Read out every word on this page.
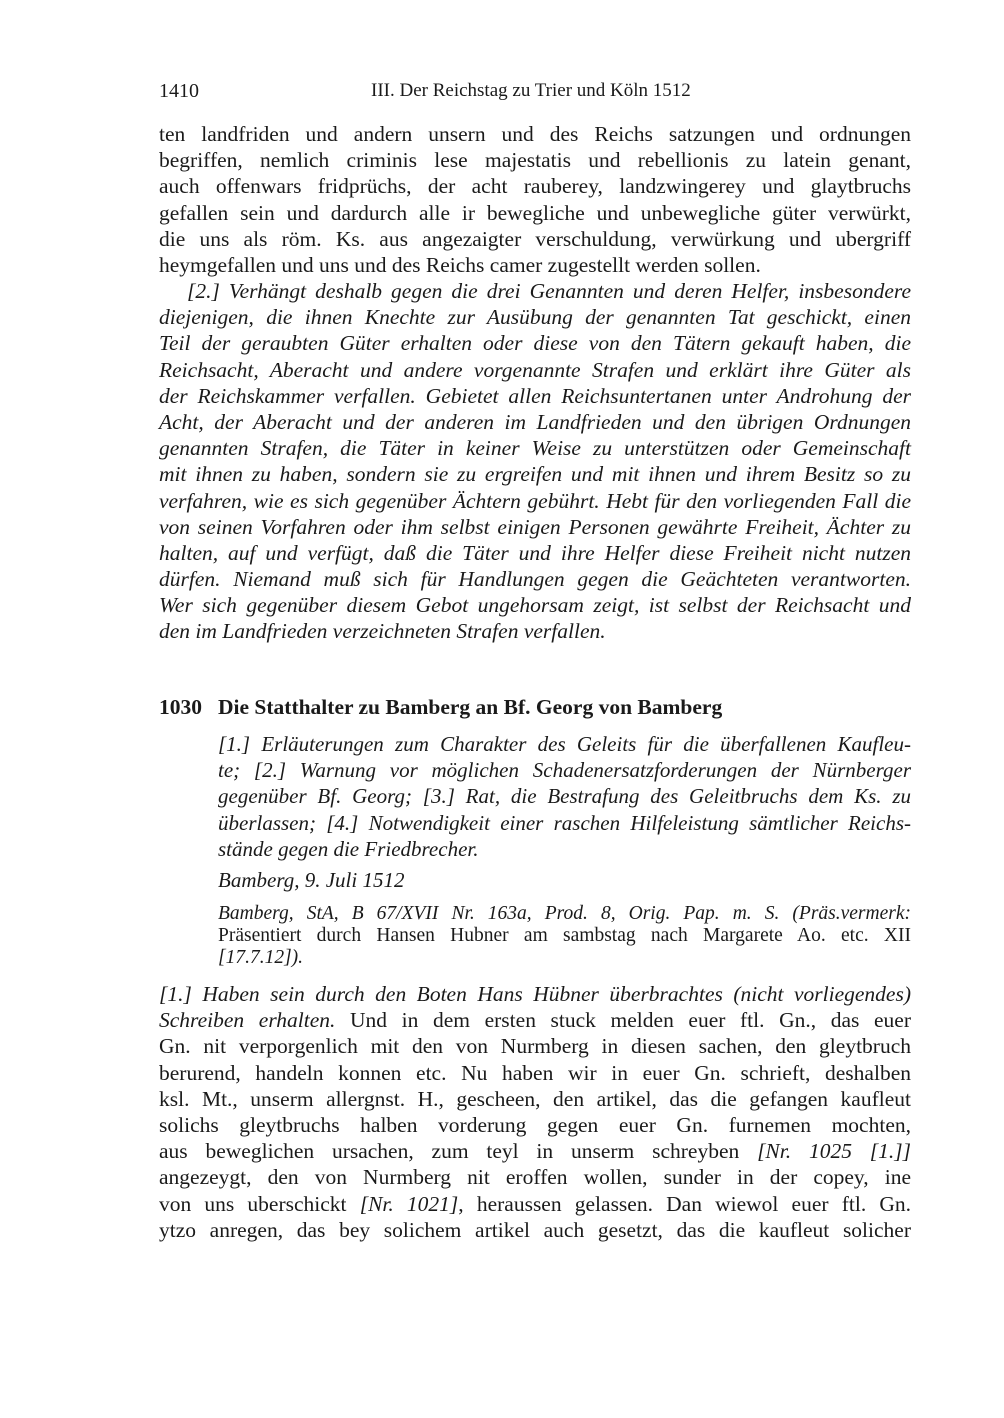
1410	III. Der Reichstag zu Trier und Köln 1512
ten landfriden und andern unsern und des Reichs satzungen und ordnungen
begriffen, nemlich criminis lese majestatis und rebellionis zu latein genant,
auch offenwars fridprüchs, der acht rauberey, landzwingerey und glaytbruchs
gefallen sein und dardurch alle ir bewegliche und unbewegliche güter verwürkt,
die uns als röm. Ks. aus angezaigter verschuldung, verwürkung und ubergriff
heymgefallen und uns und des Reichs camer zugestellt werden sollen.
[2.] Verhängt deshalb gegen die drei Genannten und deren Helfer, insbesondere
diejenigen, die ihnen Knechte zur Ausübung der genannten Tat geschickt, einen
Teil der geraubten Güter erhalten oder diese von den Tätern gekauft haben, die
Reichsacht, Aberacht und andere vorgenannte Strafen und erklärt ihre Güter als
der Reichskammer verfallen. Gebietet allen Reichsuntertanen unter Androhung der
Acht, der Aberacht und der anderen im Landfrieden und den übrigen Ordnungen
genannten Strafen, die Täter in keiner Weise zu unterstützen oder Gemeinschaft
mit ihnen zu haben, sondern sie zu ergreifen und mit ihnen und ihrem Besitz so zu
verfahren, wie es sich gegenüber Ächtern gebührt. Hebt für den vorliegenden Fall die
von seinen Vorfahren oder ihm selbst einigen Personen gewährte Freiheit, Ächter zu
halten, auf und verfügt, daß die Täter und ihre Helfer diese Freiheit nicht nutzen
dürfen. Niemand muß sich für Handlungen gegen die Geächteten verantworten.
Wer sich gegenüber diesem Gebot ungehorsam zeigt, ist selbst der Reichsacht und
den im Landfrieden verzeichneten Strafen verfallen.
1030 Die Statthalter zu Bamberg an Bf. Georg von Bamberg
[1.] Erläuterungen zum Charakter des Geleits für die überfallenen Kaufleu-
te; [2.] Warnung vor möglichen Schadenersatzforderungen der Nürnberger
gegenüber Bf. Georg; [3.] Rat, die Bestrafung des Geleitbruchs dem Ks. zu
überlassen; [4.] Notwendigkeit einer raschen Hilfeleistung sämtlicher Reichs-
stände gegen die Friedbrecher.
Bamberg, 9. Juli 1512
Bamberg, StA, B 67/XVII Nr. 163a, Prod. 8, Orig. Pap. m. S. (Präs.vermerk:
Präsentiert durch Hansen Hubner am sambstag nach Margarete Ao. etc. XII
[17.7.12]).
[1.] Haben sein durch den Boten Hans Hübner überbrachtes (nicht vorliegendes)
Schreiben erhalten. Und in dem ersten stuck melden euer ftl. Gn., das euer
Gn. nit verporgenlich mit den von Nurmberg in diesen sachen, den gleytbruch
berurend, handeln konnen etc. Nu haben wir in euer Gn. schrieft, deshalben
ksl. Mt., unserm allergnst. H., gescheen, den artikel, das die gefangen kaufleut
solichs gleytbruchs halben vorderung gegen euer Gn. furnemen mochten,
aus beweglichen ursachen, zum teyl in unserm schreyben [Nr. 1025 [1.]]
angezeygt, den von Nurmberg nit eroffen wollen, sunder in der copey, ine
von uns uberschickt [Nr. 1021], heraussen gelassen. Dan wiewol euer ftl. Gn.
ytzo anregen, das bey solichem artikel auch gesetzt, das die kaufleut solicher
